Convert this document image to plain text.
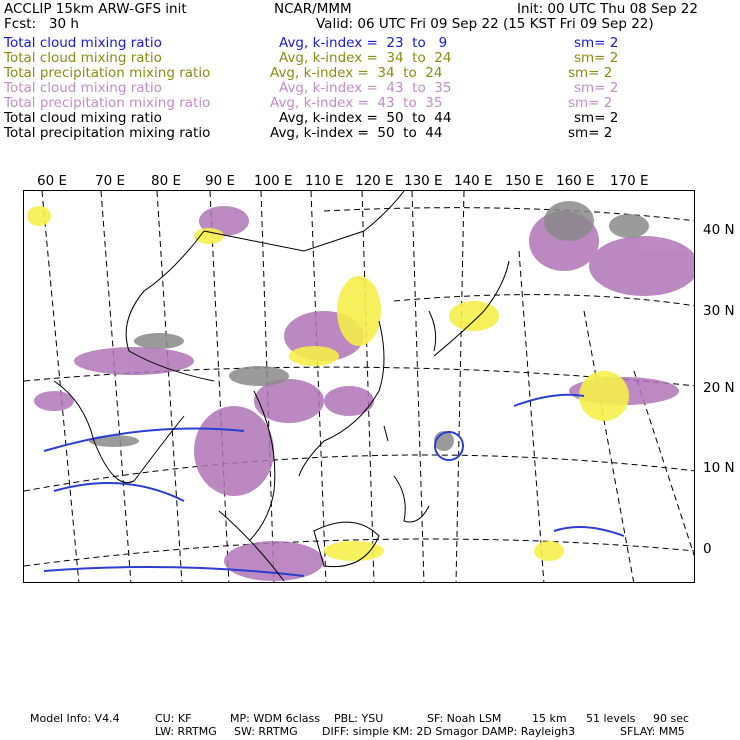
ACCLIP 15km ARW-GFS init	NCAR/MMM	Init: 00 UTC Thu 08 Sep 22
Fcst:   30 h	Valid: 06 UTC Fri 09 Sep 22 (15 KST Fri 09 Sep 22)
Total cloud mixing ratio	Avg, k-index =  23  to   9	sm= 2
Total cloud mixing ratio	Avg, k-index =  34  to  24	sm= 2
Total precipitation mixing ratio	Avg, k-index =  34  to  24	sm= 2
Total cloud mixing ratio	Avg, k-index =  43  to  35	sm= 2
Total precipitation mixing ratio	Avg, k-index =  43  to  35	sm= 2
Total cloud mixing ratio	Avg, k-index =  50  to  44	sm= 2
Total precipitation mixing ratio	Avg, k-index =  50  to  44	sm= 2
60 E 70 E 80 E 90 E 100 E 110 E 120 E 130 E 140 E 150 E 160 E 170 E
40 N
30 N
20 N
10 N
0
Model Info: V4.4	CU: KF	MP: WDM 6class PBL: YSU	SF: Noah LSM	15 km 51 levels 90 sec
LW: RRTMG SW: RRTMG DIFF: simple KM: 2D Smagor DAMP: Rayleigh3	SFLAY: MM5
